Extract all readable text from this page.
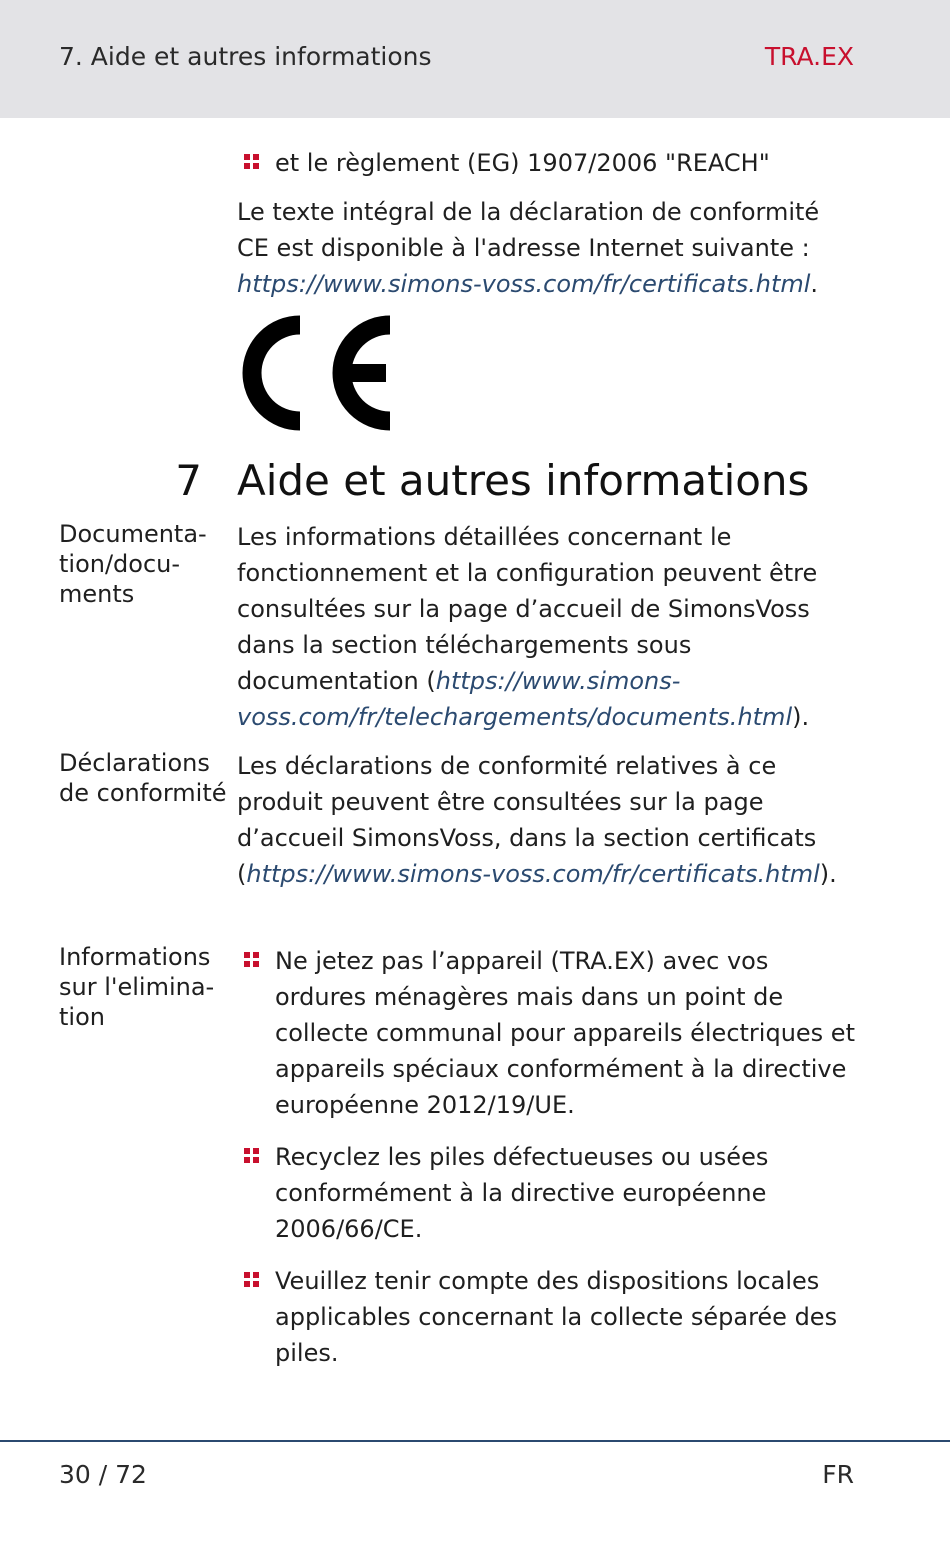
7. Aide et autres informations	TRA.EX
et le règlement (EG) 1907/2006 "REACH"
Le texte intégral de la déclaration de conformité CE est disponible à l'adresse Internet suivante : https://www.simons-voss.com/fr/certificats.html.
7 Aide et autres informations
Documenta-
tion/docu-
ments
Les informations détaillées concernant le fonctionnement et la configuration peuvent être consultées sur la page d’accueil de SimonsVoss dans la section téléchargements sous documentation (https://www.simons-voss.com/fr/telechargements/documents.html).
Déclarations
de conformité
Les déclarations de conformité relatives à ce produit peuvent être consultées sur la page d’accueil SimonsVoss, dans la section certificats (https://www.simons-voss.com/fr/certificats.html).
Informations
sur l'elimina-
tion
Ne jetez pas l’appareil (TRA.EX) avec vos ordures ménagères mais dans un point de collecte communal pour appareils électriques et appareils spéciaux conformément à la directive européenne 2012/19/UE.
Recyclez les piles défectueuses ou usées conformément à la directive européenne 2006/66/CE.
Veuillez tenir compte des dispositions locales applicables concernant la collecte séparée des piles.
30 / 72	FR
